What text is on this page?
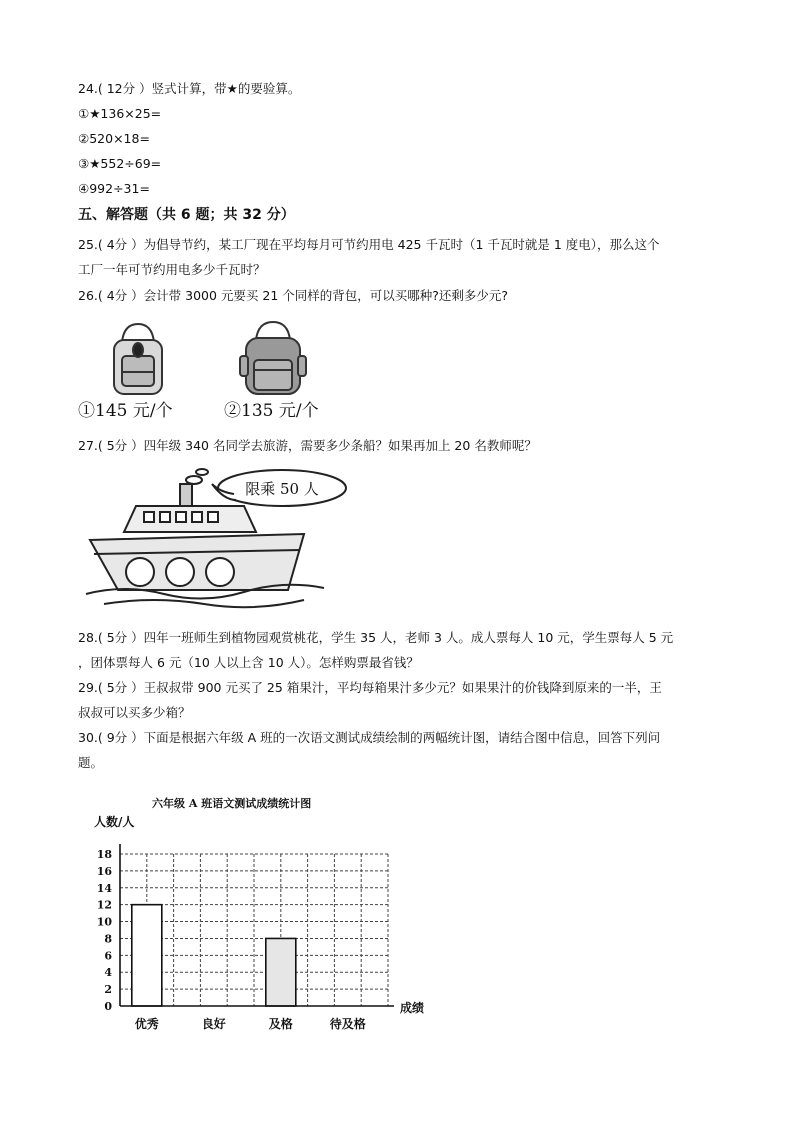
24.( 12分 ）竖式计算，带★的要验算。
①★136×25=
②520×18=
③★552÷69=
④992÷31=
五、解答题（共 6 题；共 32 分）
25.( 4分 ）为倡导节约，某工厂现在平均每月可节约用电 425 千瓦时（1 千瓦时就是 1 度电），那么这个
工厂一年可节约用电多少千瓦时？
26.( 4分 ）会计带 3000 元要买 21 个同样的背包，可以买哪种?还剩多少元?
①145 元/个	②135 元/个
27.( 5分 ）四年级 340 名同学去旅游，需要多少条船？如果再加上 20 名教师呢？
限乘 50 人
28.( 5分 ）四年一班师生到植物园观赏桃花，学生 35 人，老师 3 人。成人票每人 10 元，学生票每人 5 元
，团体票每人 6 元（10 人以上含 10 人）。怎样购票最省钱？
29.( 5分 ）王叔叔带 900 元买了 25 箱果汁，平均每箱果汁多少元？如果果汁的价钱降到原来的一半，王
叔叔可以买多少箱？
30.( 9分 ）下面是根据六年级 A 班的一次语文测试成绩绘制的两幅统计图，请结合图中信息，回答下列问
题。
六年级 A 班语文测试成绩统计图
人数/人
0
2
4
6
8
10
12
14
16
18
优秀	良好	及格	待及格
成绩
